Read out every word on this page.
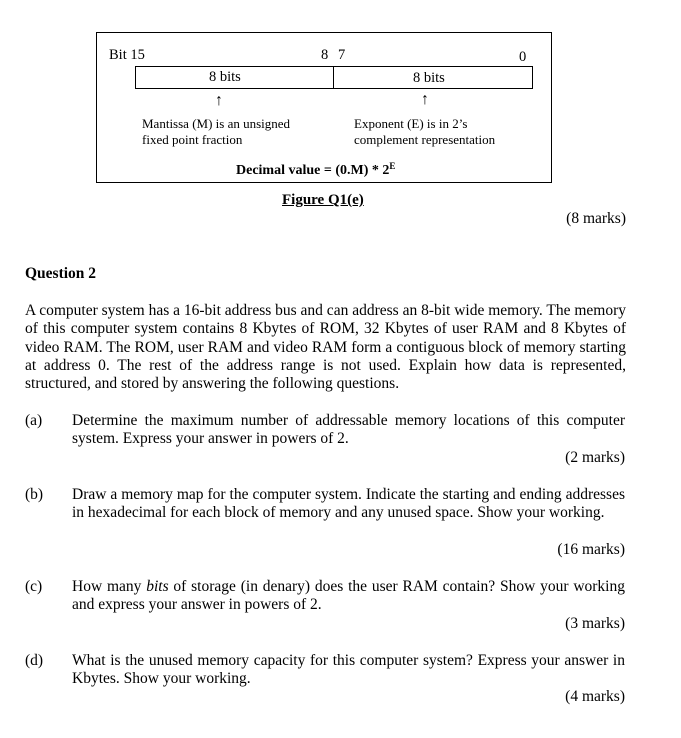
Bit 15	8 7	0
8 bits	8 bits
↑	↑
Mantissa (M) is an unsigned
fixed point fraction
Exponent (E) is in 2’s
complement representation
Decimal value = $(0.M) * 2^E$
Figure Q1(e)
(8 marks)
Question 2
A computer system has a 16-bit address bus and can address an 8-bit wide memory. The memory of this computer system contains 8 Kbytes of ROM, 32 Kbytes of user RAM and 8 Kbytes of video RAM. The ROM, user RAM and video RAM form a contiguous block of memory starting at address 0. The rest of the address range is not used. Explain how data is represented, structured, and stored by answering the following questions.
(a) Determine the maximum number of addressable memory locations of this computer system. Express your answer in powers of 2.
(2 marks)
(b) Draw a memory map for the computer system. Indicate the starting and ending addresses in hexadecimal for each block of memory and any unused space. Show your working.
(16 marks)
(c) How many bits of storage (in denary) does the user RAM contain? Show your working and express your answer in powers of 2.
(3 marks)
(d) What is the unused memory capacity for this computer system? Express your answer in Kbytes. Show your working.
(4 marks)
